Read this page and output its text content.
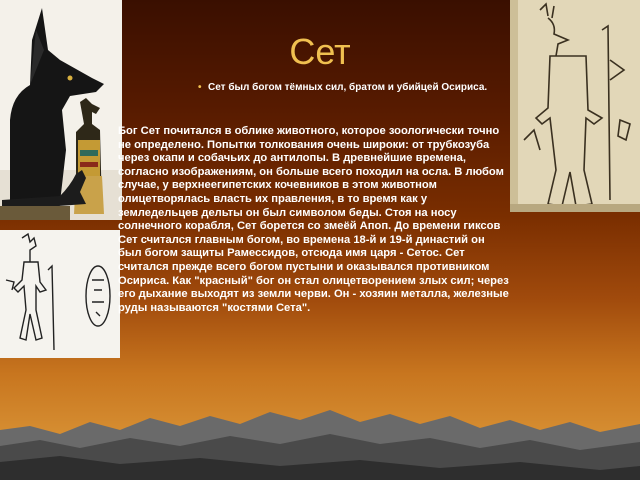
Сет
• Сет был богом тёмных сил, братом и убийцей Осириса.
Бог Сет почитался в облике животного, которое зоологически точно не определено. Попытки толкования очень широки: от трубкозуба через окапи и собачьих до антилопы. В древнейшие времена, согласно изображениям, он больше всего походил на осла. В любом случае, у верхнеегипетских кочевников в этом животном олицетворялась власть их правления, в то время как у земледельцев дельты он был символом беды. Стоя на носу солнечного корабля, Сет борется со змеёй Апоп. До времени гиксов Сет считался главным богом, во времена 18-й и 19-й династий он был богом защиты Рамессидов, отсюда имя царя - Сетос. Сет считался прежде всего богом пустыни и оказывался противником Осириса. Как "красный" бог он стал олицетворением злых сил; через его дыхание выходят из земли черви. Он - хозяин металла, железные руды называются "костями Сета".
